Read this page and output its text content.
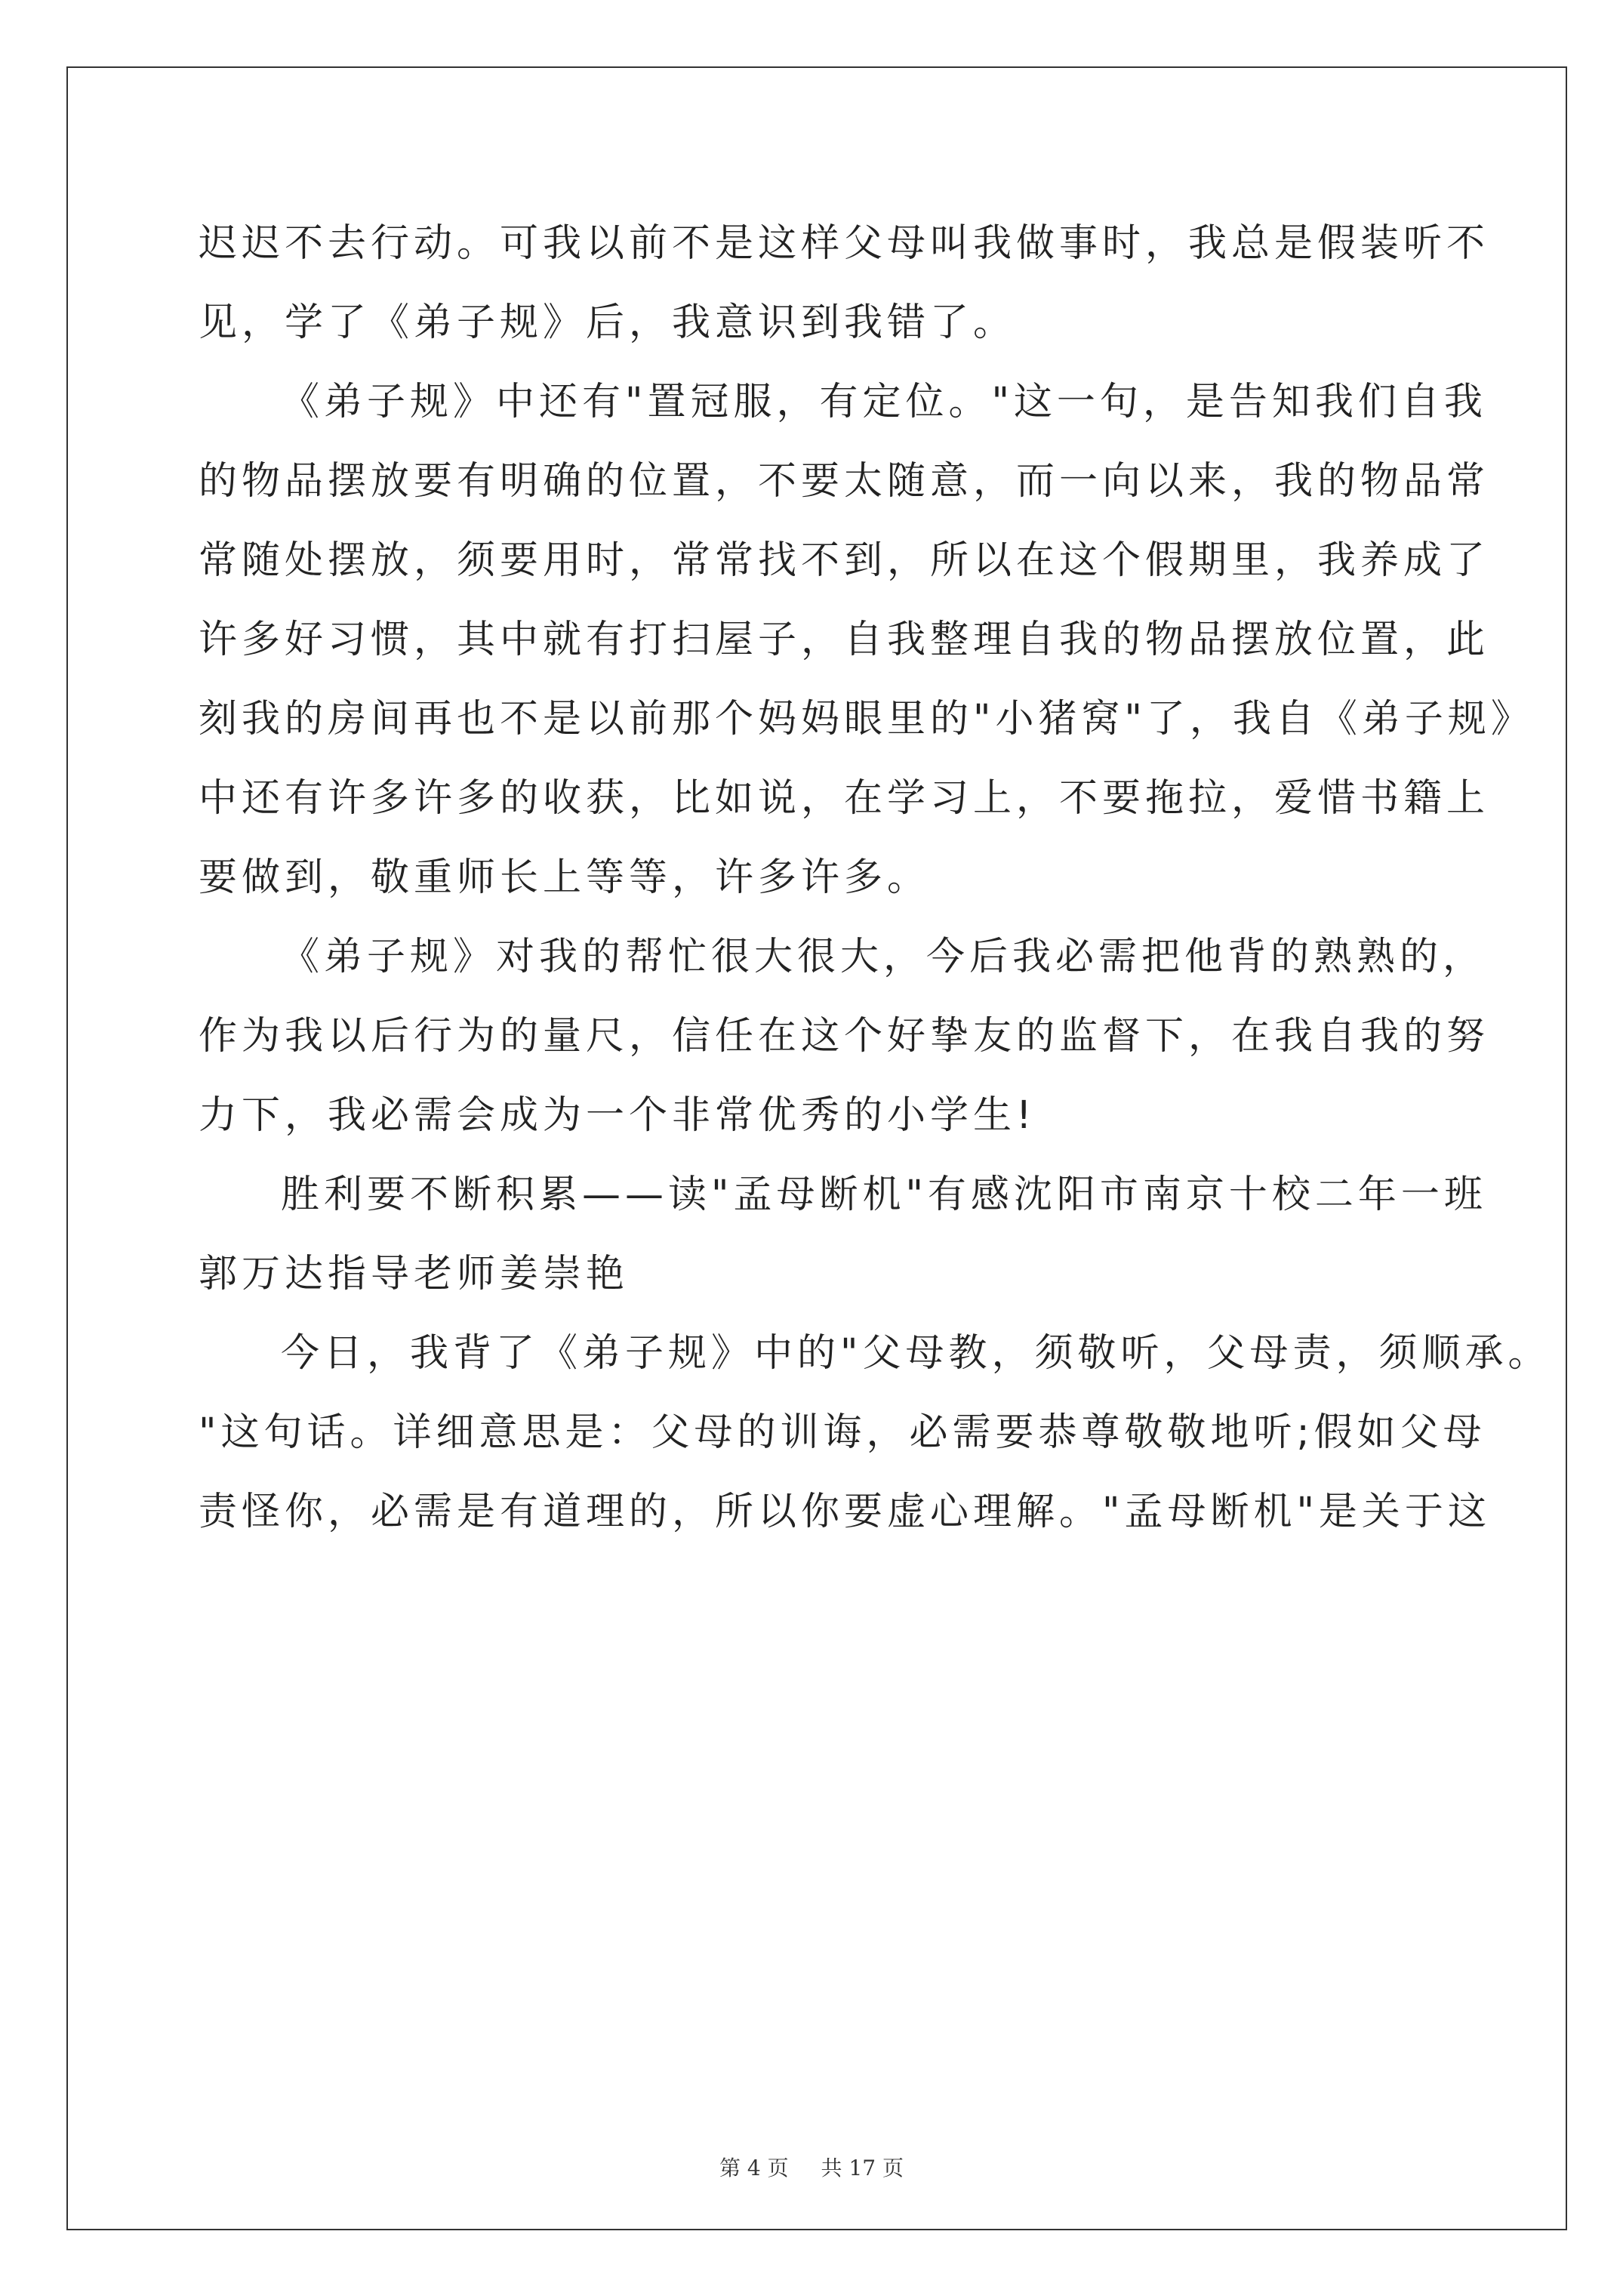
迟迟不去行动。可我以前不是这样父母叫我做事时，我总是假装听不
见，学了《弟子规》后，我意识到我错了。

《弟子规》中还有"置冠服，有定位。"这一句，是告知我们自我
的物品摆放要有明确的位置，不要太随意，而一向以来，我的物品常
常随处摆放，须要用时，常常找不到，所以在这个假期里，我养成了
许多好习惯，其中就有打扫屋子，自我整理自我的物品摆放位置，此
刻我的房间再也不是以前那个妈妈眼里的"小猪窝"了，我自《弟子规》
中还有许多许多的收获，比如说，在学习上，不要拖拉，爱惜书籍上
要做到，敬重师长上等等，许多许多。

《弟子规》对我的帮忙很大很大，今后我必需把他背的熟熟的，
作为我以后行为的量尺，信任在这个好挚友的监督下，在我自我的努
力下，我必需会成为一个非常优秀的小学生!

胜利要不断积累——读"孟母断机"有感沈阳市南京十校二年一班
郭万达指导老师姜崇艳

今日，我背了《弟子规》中的"父母教，须敬听，父母责，须顺承。
"这句话。详细意思是：父母的训诲，必需要恭尊敬敬地听;假如父母
责怪你，必需是有道理的，所以你要虚心理解。"孟母断机"是关于这

第 4 页 共 17 页
